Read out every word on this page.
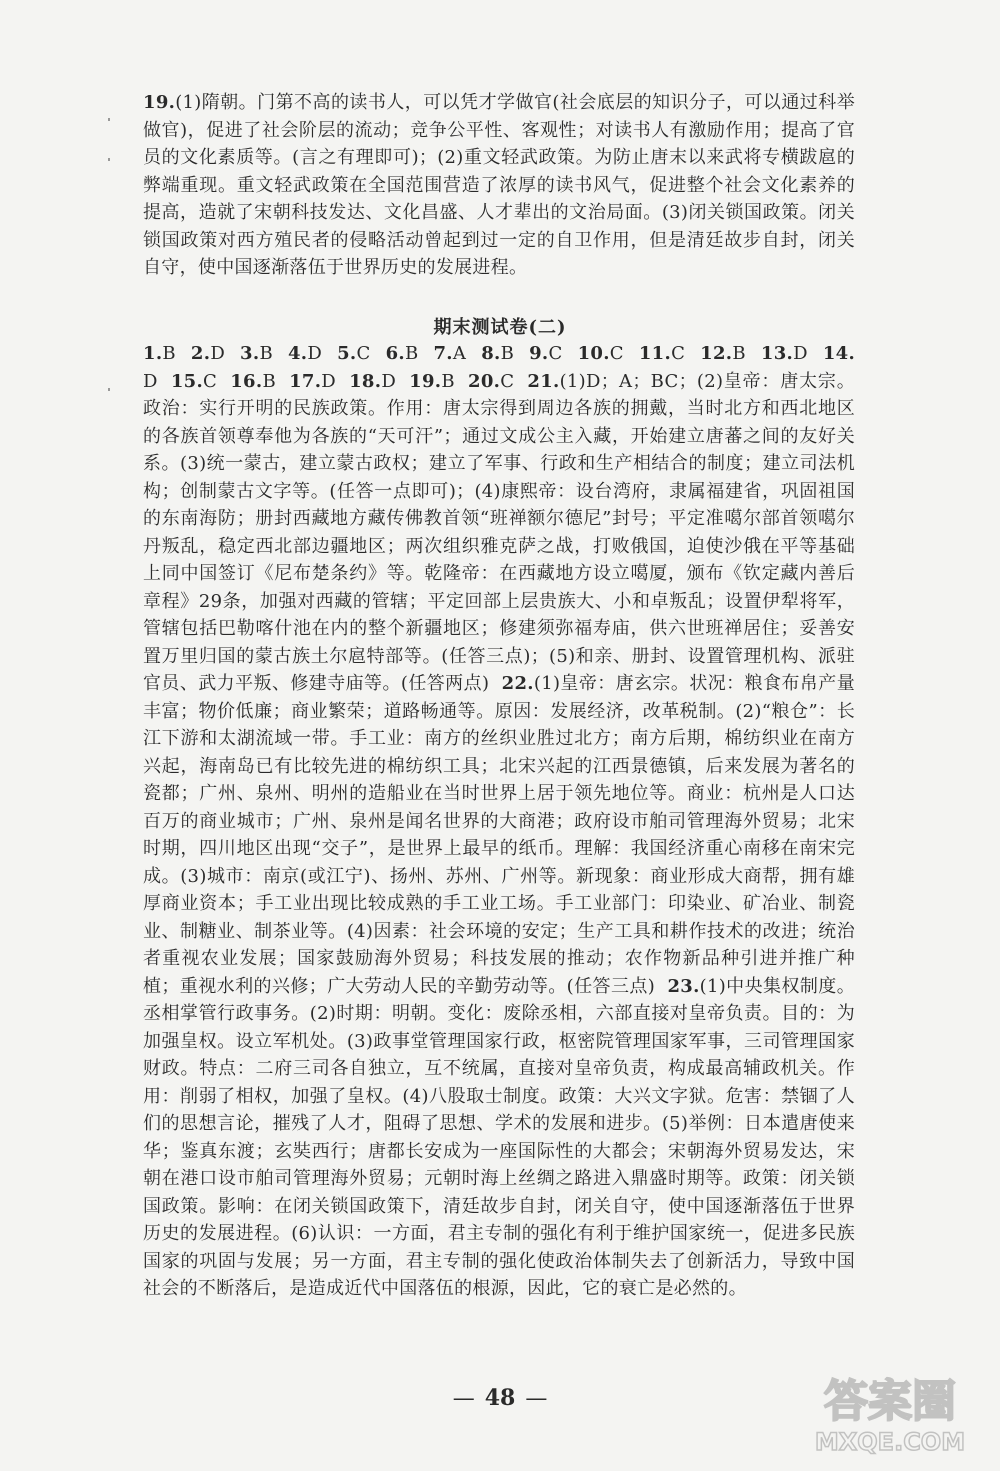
19.(1)隋朝。门第不高的读书人，可以凭才学做官(社会底层的知识分子，可以通过科举做官)，促进了社会阶层的流动；竞争公平性、客观性；对读书人有激励作用；提高了官员的文化素质等。(言之有理即可)；(2)重文轻武政策。为防止唐末以来武将专横跋扈的弊端重现。重文轻武政策在全国范围营造了浓厚的读书风气，促进整个社会文化素养的提高，造就了宋朝科技发达、文化昌盛、人才辈出的文治局面。(3)闭关锁国政策。闭关锁国政策对西方殖民者的侵略活动曾起到过一定的自卫作用，但是清廷故步自封，闭关自守，使中国逐渐落伍于世界历史的发展进程。
期末测试卷(二)
1.B 2.D 3.B 4.D 5.C 6.B 7.A 8.B 9.C 10.C 11.C 12.B 13.D 14.D 15.C 16.B 17.D 18.D 19.B 20.C 21.(1)D；A；BC；(2)皇帝：唐太宗。政治：实行开明的民族政策。作用：唐太宗得到周边各族的拥戴，当时北方和西北地区的各族首领尊奉他为各族的“天可汗”；通过文成公主入藏，开始建立唐蕃之间的友好关系。(3)统一蒙古，建立蒙古政权；建立了军事、行政和生产相结合的制度；建立司法机构；创制蒙古文字等。(任答一点即可)；(4)康熙帝：设台湾府，隶属福建省，巩固祖国的东南海防；册封西藏地方藏传佛教首领“班禅额尔德尼”封号；平定准噶尔部首领噶尔丹叛乱，稳定西北部边疆地区；两次组织雅克萨之战，打败俄国，迫使沙俄在平等基础上同中国签订《尼布楚条约》等。乾隆帝：在西藏地方设立噶厦，颁布《钦定藏内善后章程》29条，加强对西藏的管辖；平定回部上层贵族大、小和卓叛乱；设置伊犁将军，管辖包括巴勒喀什池在内的整个新疆地区；修建须弥福寿庙，供六世班禅居住；妥善安置万里归国的蒙古族土尔扈特部等。(任答三点)；(5)和亲、册封、设置管理机构、派驻官员、武力平叛、修建寺庙等。(任答两点) 22.(1)皇帝：唐玄宗。状况：粮食布帛产量丰富；物价低廉；商业繁荣；道路畅通等。原因：发展经济，改革税制。(2)“粮仓”：长江下游和太湖流域一带。手工业：南方的丝织业胜过北方；南方后期，棉纺织业在南方兴起，海南岛已有比较先进的棉纺织工具；北宋兴起的江西景德镇，后来发展为著名的瓷都；广州、泉州、明州的造船业在当时世界上居于领先地位等。商业：杭州是人口达百万的商业城市；广州、泉州是闻名世界的大商港；政府设市舶司管理海外贸易；北宋时期，四川地区出现“交子”，是世界上最早的纸币。理解：我国经济重心南移在南宋完成。(3)城市：南京(或江宁)、扬州、苏州、广州等。新现象：商业形成大商帮，拥有雄厚商业资本；手工业出现比较成熟的手工业工场。手工业部门：印染业、矿冶业、制瓷业、制糖业、制茶业等。(4)因素：社会环境的安定；生产工具和耕作技术的改进；统治者重视农业发展；国家鼓励海外贸易；科技发展的推动；农作物新品种引进并推广种植；重视水利的兴修；广大劳动人民的辛勤劳动等。(任答三点) 23.(1)中央集权制度。丞相掌管行政事务。(2)时期：明朝。变化：废除丞相，六部直接对皇帝负责。目的：为加强皇权。设立军机处。(3)政事堂管理国家行政，枢密院管理国家军事，三司管理国家财政。特点：二府三司各自独立，互不统属，直接对皇帝负责，构成最高辅政机关。作用：削弱了相权，加强了皇权。(4)八股取士制度。政策：大兴文字狱。危害：禁锢了人们的思想言论，摧残了人才，阻碍了思想、学术的发展和进步。(5)举例：日本遣唐使来华；鉴真东渡；玄奘西行；唐都长安成为一座国际性的大都会；宋朝海外贸易发达，宋朝在港口设市舶司管理海外贸易；元朝时海上丝绸之路进入鼎盛时期等。政策：闭关锁国政策。影响：在闭关锁国政策下，清廷故步自封，闭关自守，使中国逐渐落伍于世界历史的发展进程。(6)认识：一方面，君主专制的强化有利于维护国家统一，促进多民族国家的巩固与发展；另一方面，君主专制的强化使政治体制失去了创新活力，导致中国社会的不断落后，是造成近代中国落伍的根源，因此，它的衰亡是必然的。
— 48 —	答案圈
MXQE.COM
